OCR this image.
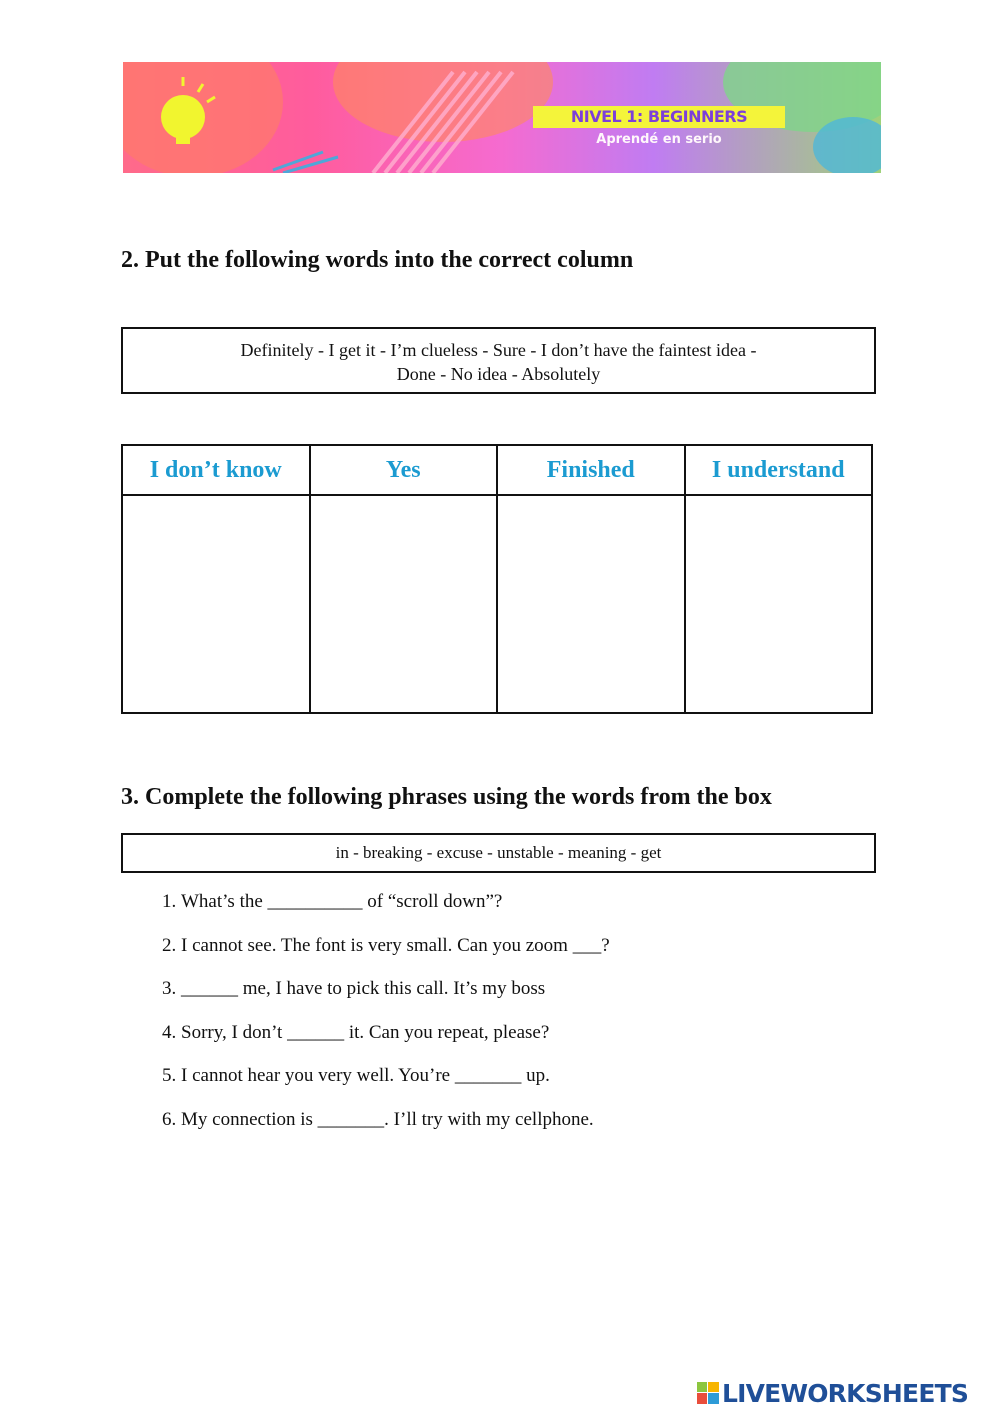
NIVEL 1: BEGINNERS
Aprendé en serio
2. Put the following words into the correct column
Definitely - I get it - I’m clueless - Sure - I don’t have the faintest idea -
Done - No idea - Absolutely
I don’t know	Yes	Finished	I understand

3. Complete the following phrases using the words from the box
in - breaking - excuse - unstable - meaning - get
1. What’s the __________ of “scroll down”?
2. I cannot see. The font is very small. Can you zoom ___?
3. ______ me, I have to pick this call. It’s my boss
4. Sorry, I don’t ______ it. Can you repeat, please?
5. I cannot hear you very well. You’re _______ up.
6. My connection is _______. I’ll try with my cellphone.
LIVEWORKSHEETS
